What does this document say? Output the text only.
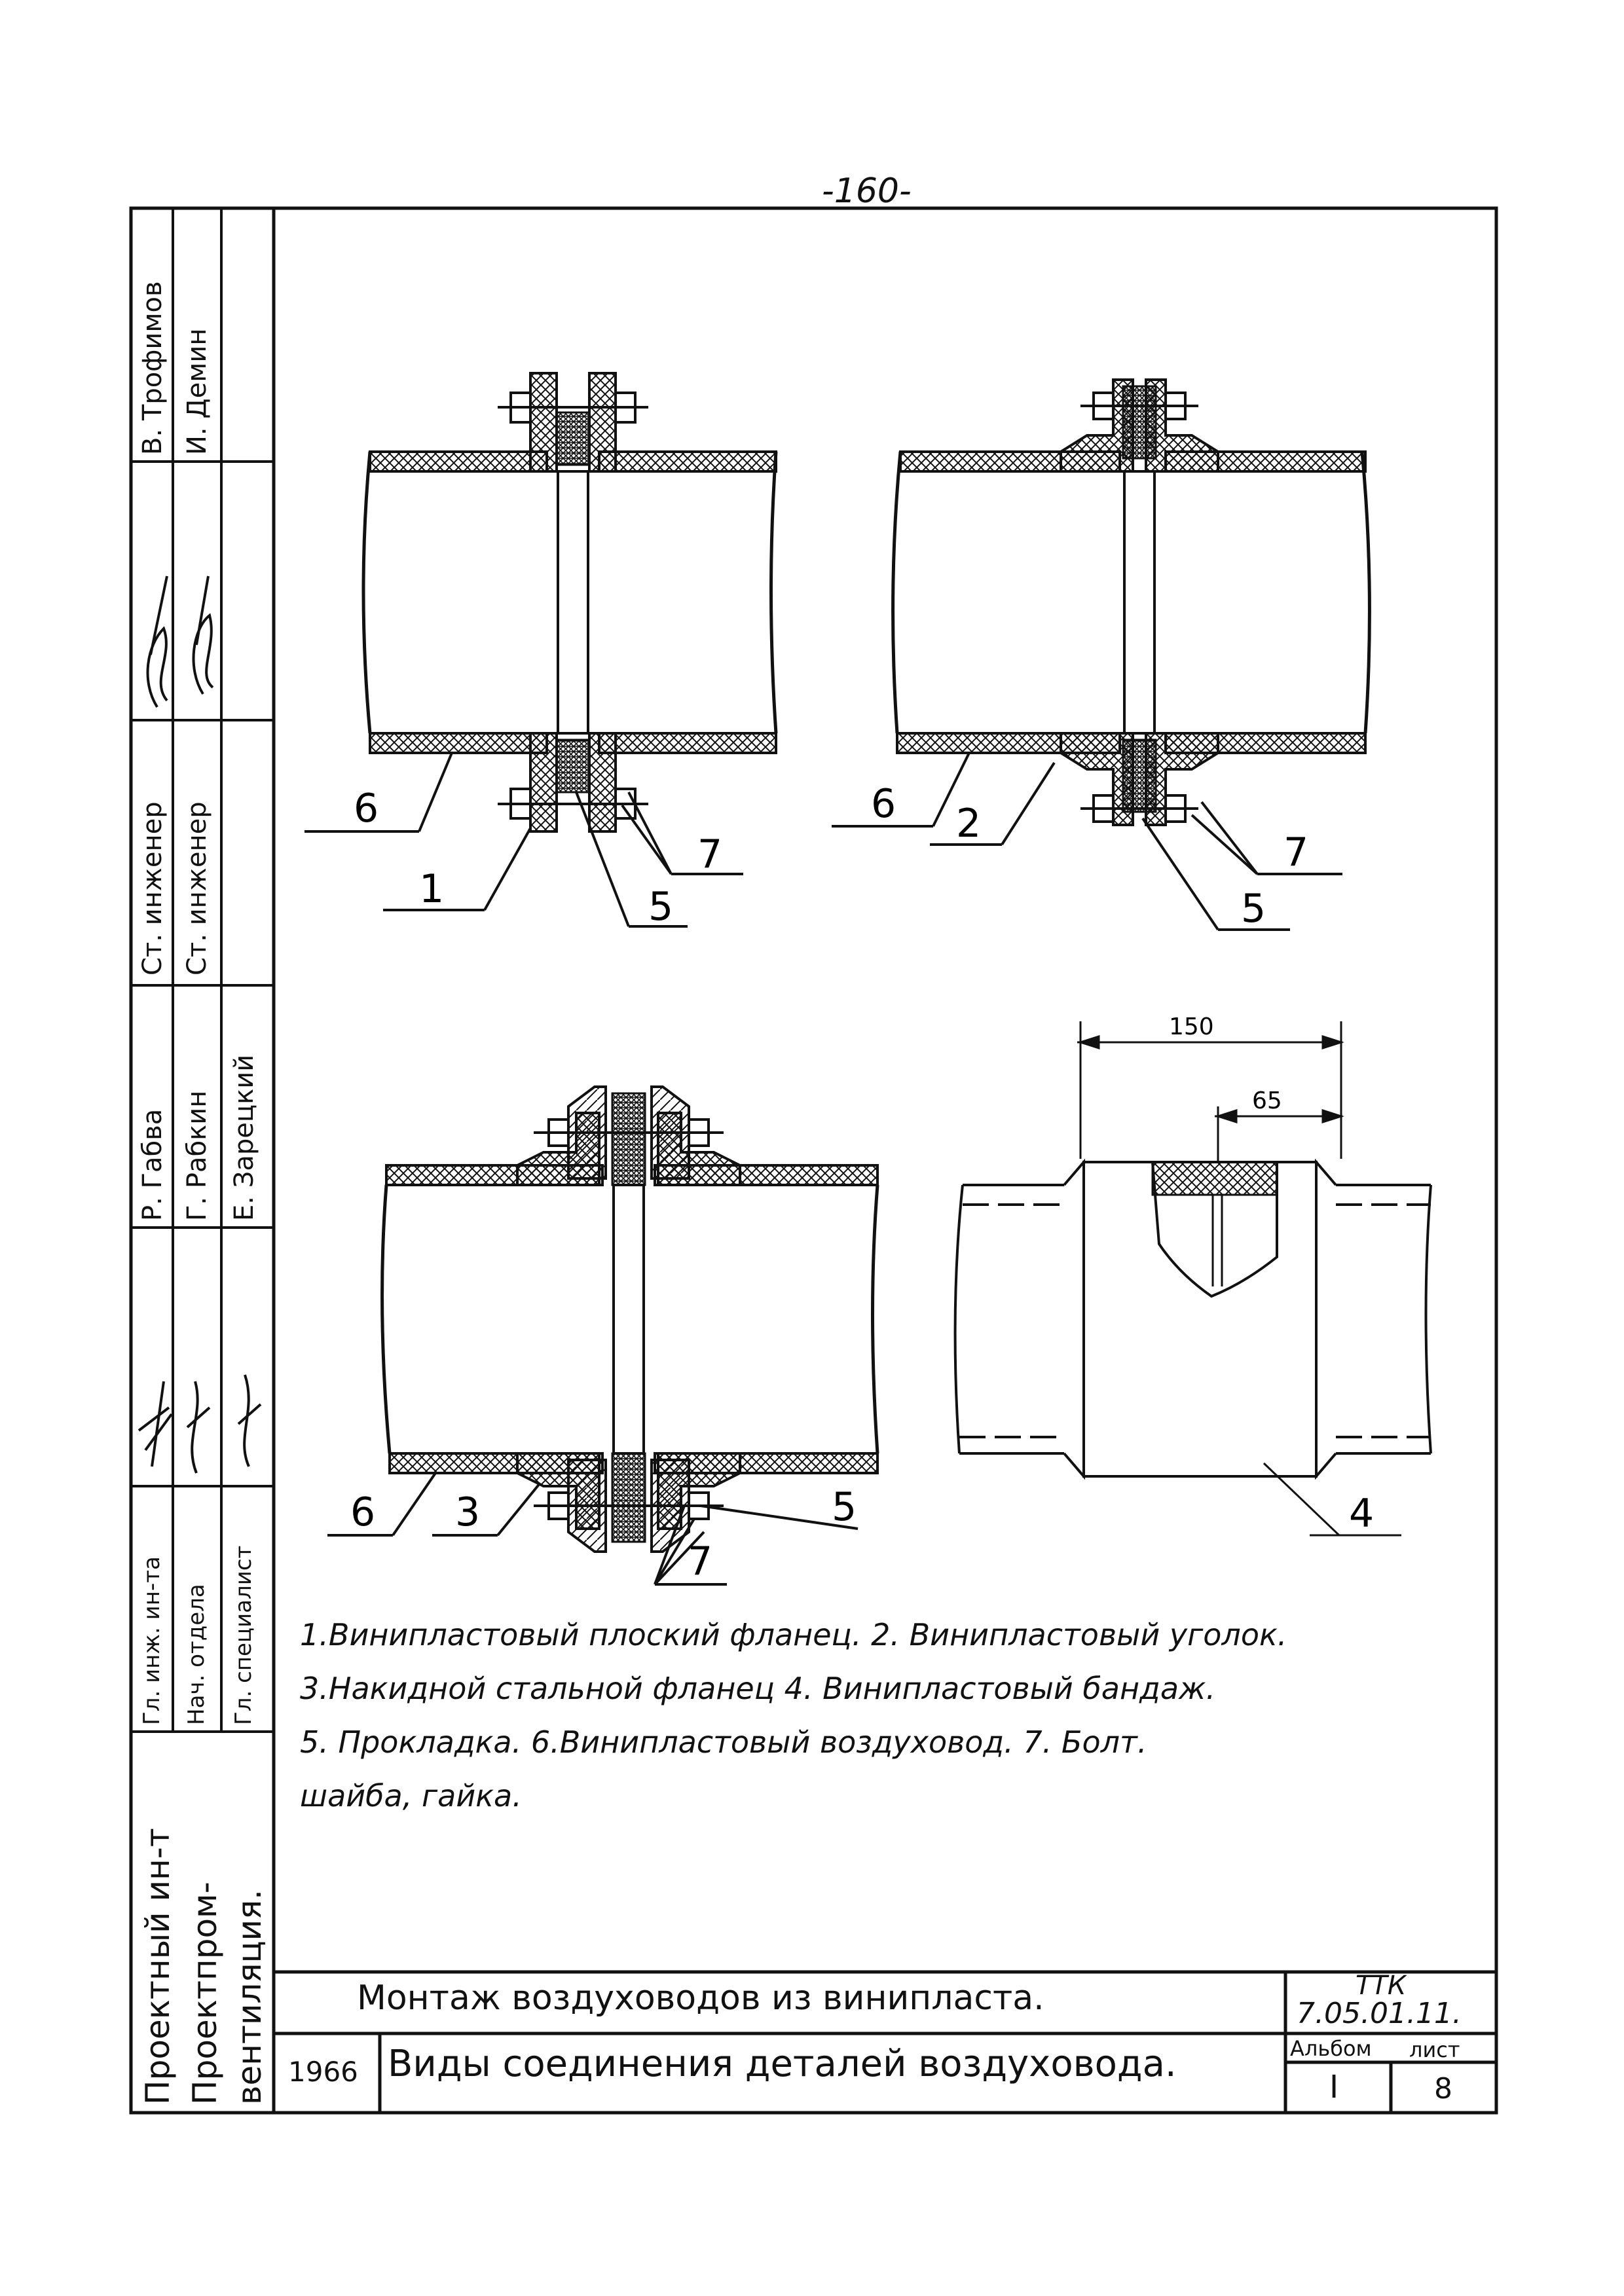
-160-
6
1	5
7
6 2
5
7
6 3	5
7
150
65
4
В. Трофимов И. Демин
Ст. инженер Ст. инженер
Р. Габва Г. Рабкин Е. Зарецкий
Гл. инж. ин-та Нач. отдела Гл. специалист
Проектный ин-т Проектпром- вентиляция.
1.Винипластовый плоский фланец. 2. Винипластовый уголок.
3.Накидной стальной фланец 4. Винипластовый бандаж.
5. Прокладка. 6.Винипластовый воздуховод. 7. Болт.
шайба, гайка.
Монтаж воздуховодов из винипласта.
1966 Виды соединения деталей воздуховода.
ТТК
7.05.01.11.
Альбом лист
I	8
